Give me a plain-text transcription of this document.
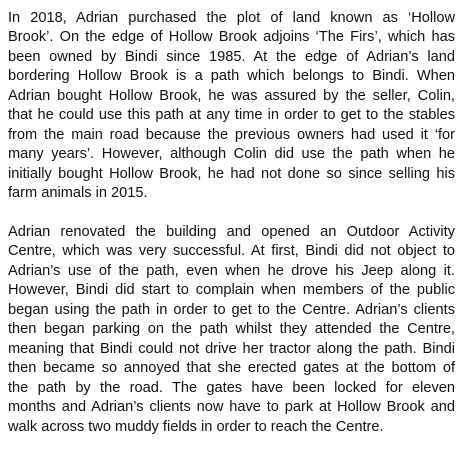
In 2018, Adrian purchased the plot of land known as ‘Hollow
Brook’. On the edge of Hollow Brook adjoins ‘The Firs’, which has
been owned by Bindi since 1985. At the edge of Adrian’s land
bordering Hollow Brook is a path which belongs to Bindi. When
Adrian bought Hollow Brook, he was assured by the seller, Colin,
that he could use this path at any time in order to get to the stables
from the main road because the previous owners had used it ‘for
many years’. However, although Colin did use the path when he
initially bought Hollow Brook, he had not done so since selling his
farm animals in 2015.

Adrian renovated the building and opened an Outdoor Activity
Centre, which was very successful. At first, Bindi did not object to
Adrian’s use of the path, even when he drove his Jeep along it.
However, Bindi did start to complain when members of the public
began using the path in order to get to the Centre. Adrian’s clients
then began parking on the path whilst they attended the Centre,
meaning that Bindi could not drive her tractor along the path. Bindi
then became so annoyed that she erected gates at the bottom of
the path by the road. The gates have been locked for eleven
months and Adrian’s clients now have to park at Hollow Brook and
walk across two muddy fields in order to reach the Centre.
